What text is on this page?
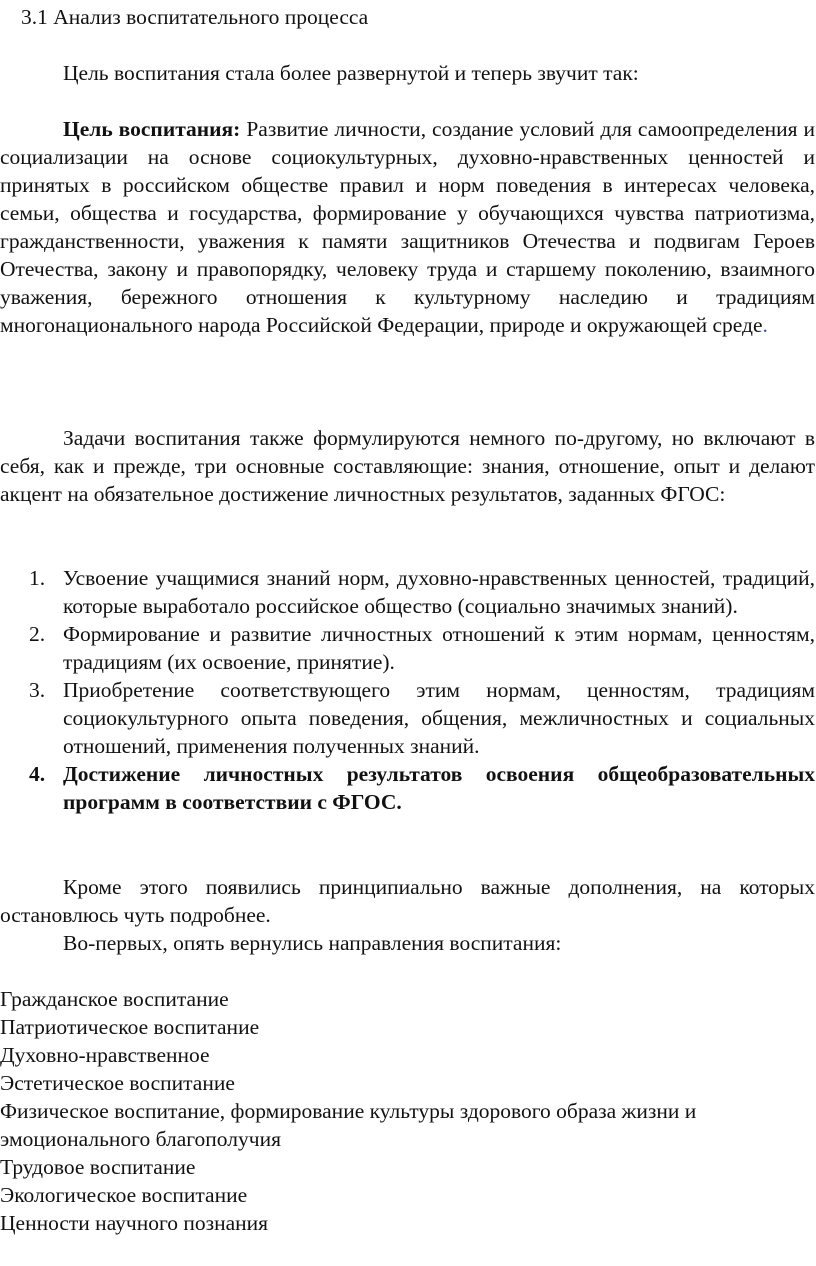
3.1 Анализ воспитательного процесса

Цель воспитания стала более развернутой и теперь звучит так:

Цель воспитания: Развитие личности, создание условий для самоопределения и социализации на основе социокультурных, духовно-нравственных ценностей и принятых в российском обществе правил и норм поведения в интересах человека, семьи, общества и государства, формирование у обучающихся чувства патриотизма, гражданственности, уважения к памяти защитников Отечества и подвигам Героев Отечества, закону и правопорядку, человеку труда и старшему поколению, взаимного уважения, бережного отношения к культурному наследию и традициям многонационального народа Российской Федерации, природе и окружающей среде.

Задачи воспитания также формулируются немного по-другому, но включают в себя, как и прежде, три основные составляющие: знания, отношение, опыт и делают акцент на обязательное достижение личностных результатов, заданных ФГОС:

1. Усвоение учащимися знаний норм, духовно-нравственных ценностей, традиций, которые выработало российское общество (социально значимых знаний).
2. Формирование и развитие личностных отношений к этим нормам, ценностям, традициям (их освоение, принятие).
3. Приобретение соответствующего этим нормам, ценностям, традициям социокультурного опыта поведения, общения, межличностных и социальных отношений, применения полученных знаний.
4. Достижение личностных результатов освоения общеобразовательных программ в соответствии с ФГОС.

Кроме этого появились принципиально важные дополнения, на которых остановлюсь чуть подробнее.

Во-первых, опять вернулись направления воспитания:

Гражданское воспитание
Патриотическое воспитание
Духовно-нравственное
Эстетическое воспитание
Физическое воспитание, формирование культуры здорового образа жизни и эмоционального благополучия
Трудовое воспитание
Экологическое воспитание
Ценности научного познания
